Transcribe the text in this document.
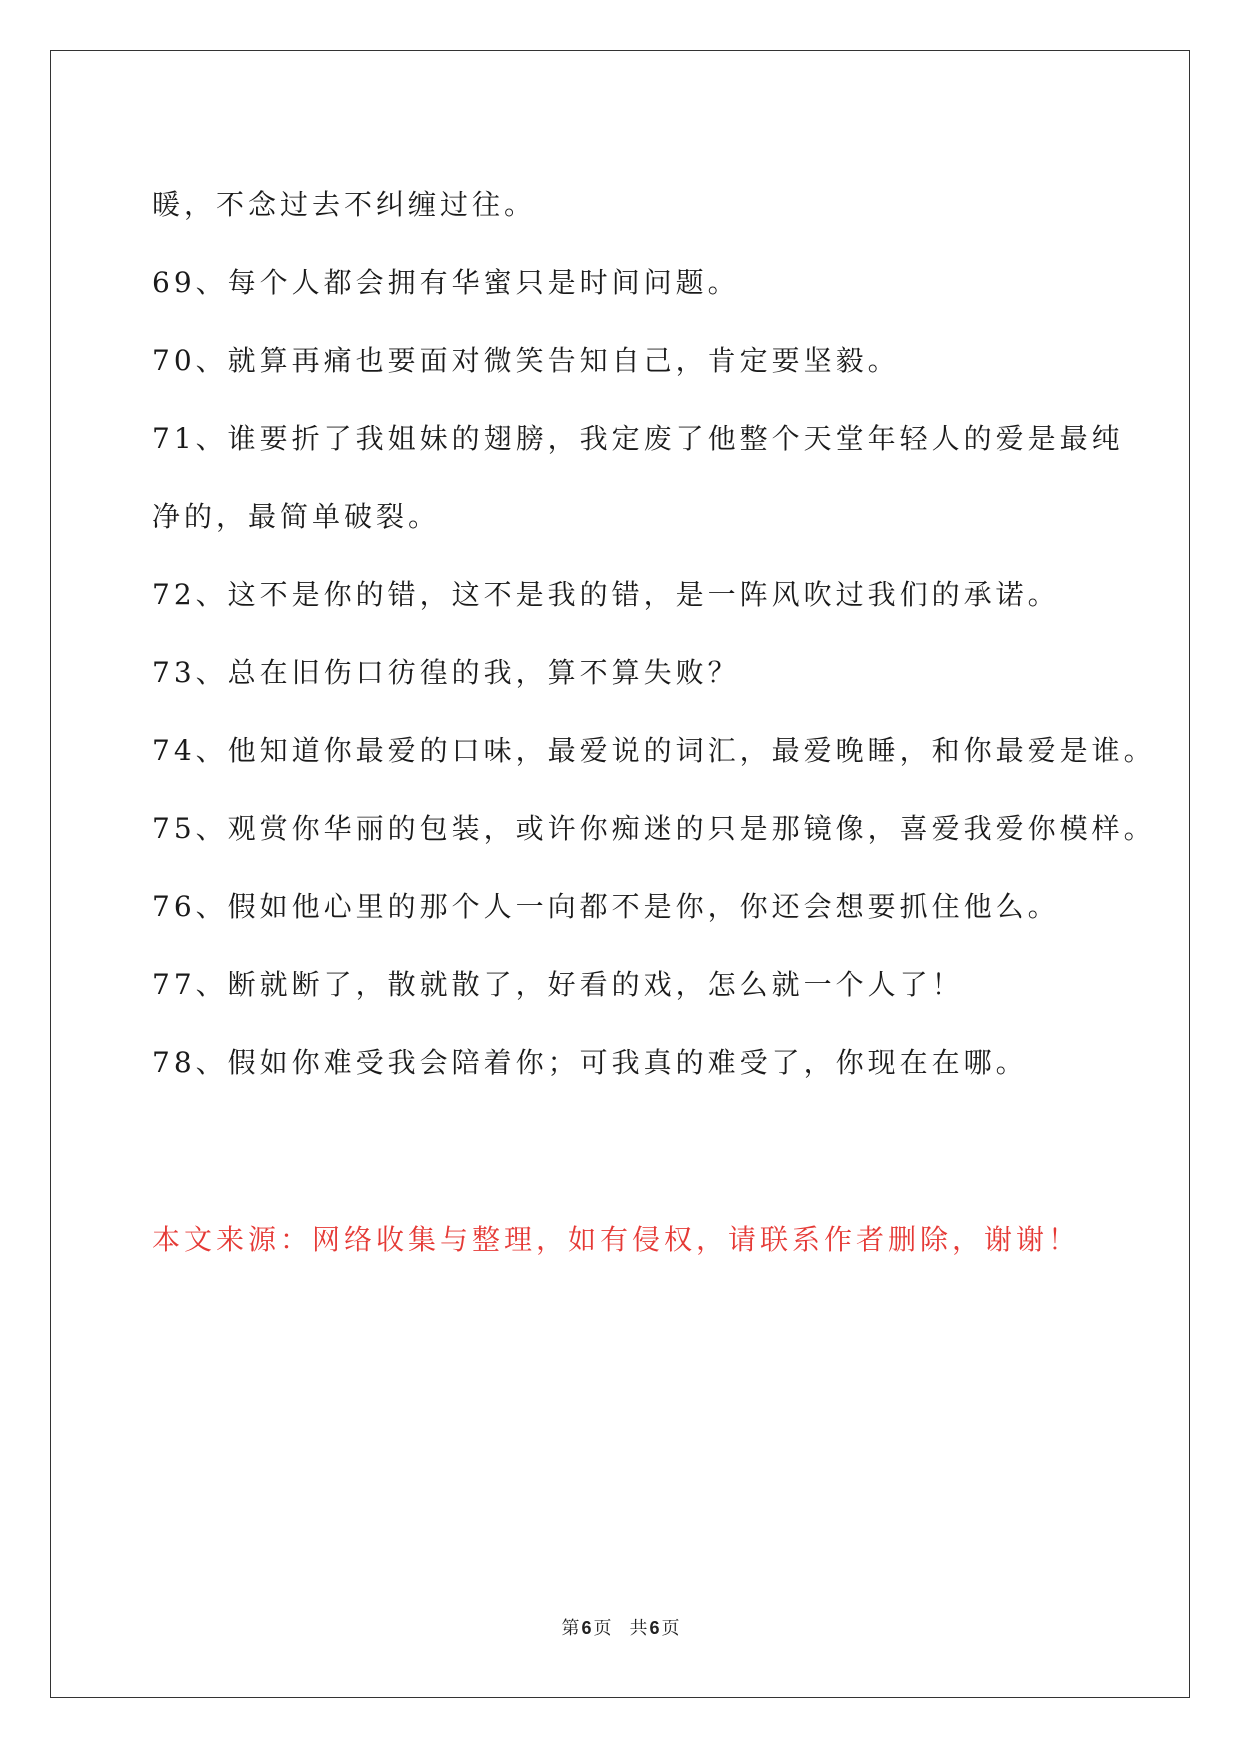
暖，不念过去不纠缠过往。
69、每个人都会拥有华蜜只是时间问题。
70、就算再痛也要面对微笑告知自己，肯定要坚毅。
71、谁要折了我姐妹的翅膀，我定废了他整个天堂年轻人的爱是最纯
净的，最简单破裂。
72、这不是你的错，这不是我的错，是一阵风吹过我们的承诺。
73、总在旧伤口彷徨的我，算不算失败？
74、他知道你最爱的口味，最爱说的词汇，最爱晚睡，和你最爱是谁。
75、观赏你华丽的包装，或许你痴迷的只是那镜像，喜爱我爱你模样。
76、假如他心里的那个人一向都不是你，你还会想要抓住他么。
77、断就断了，散就散了，好看的戏，怎么就一个人了！
78、假如你难受我会陪着你；可我真的难受了，你现在在哪。
本文来源：网络收集与整理，如有侵权，请联系作者删除，谢谢！
第 6 页 共 6 页
